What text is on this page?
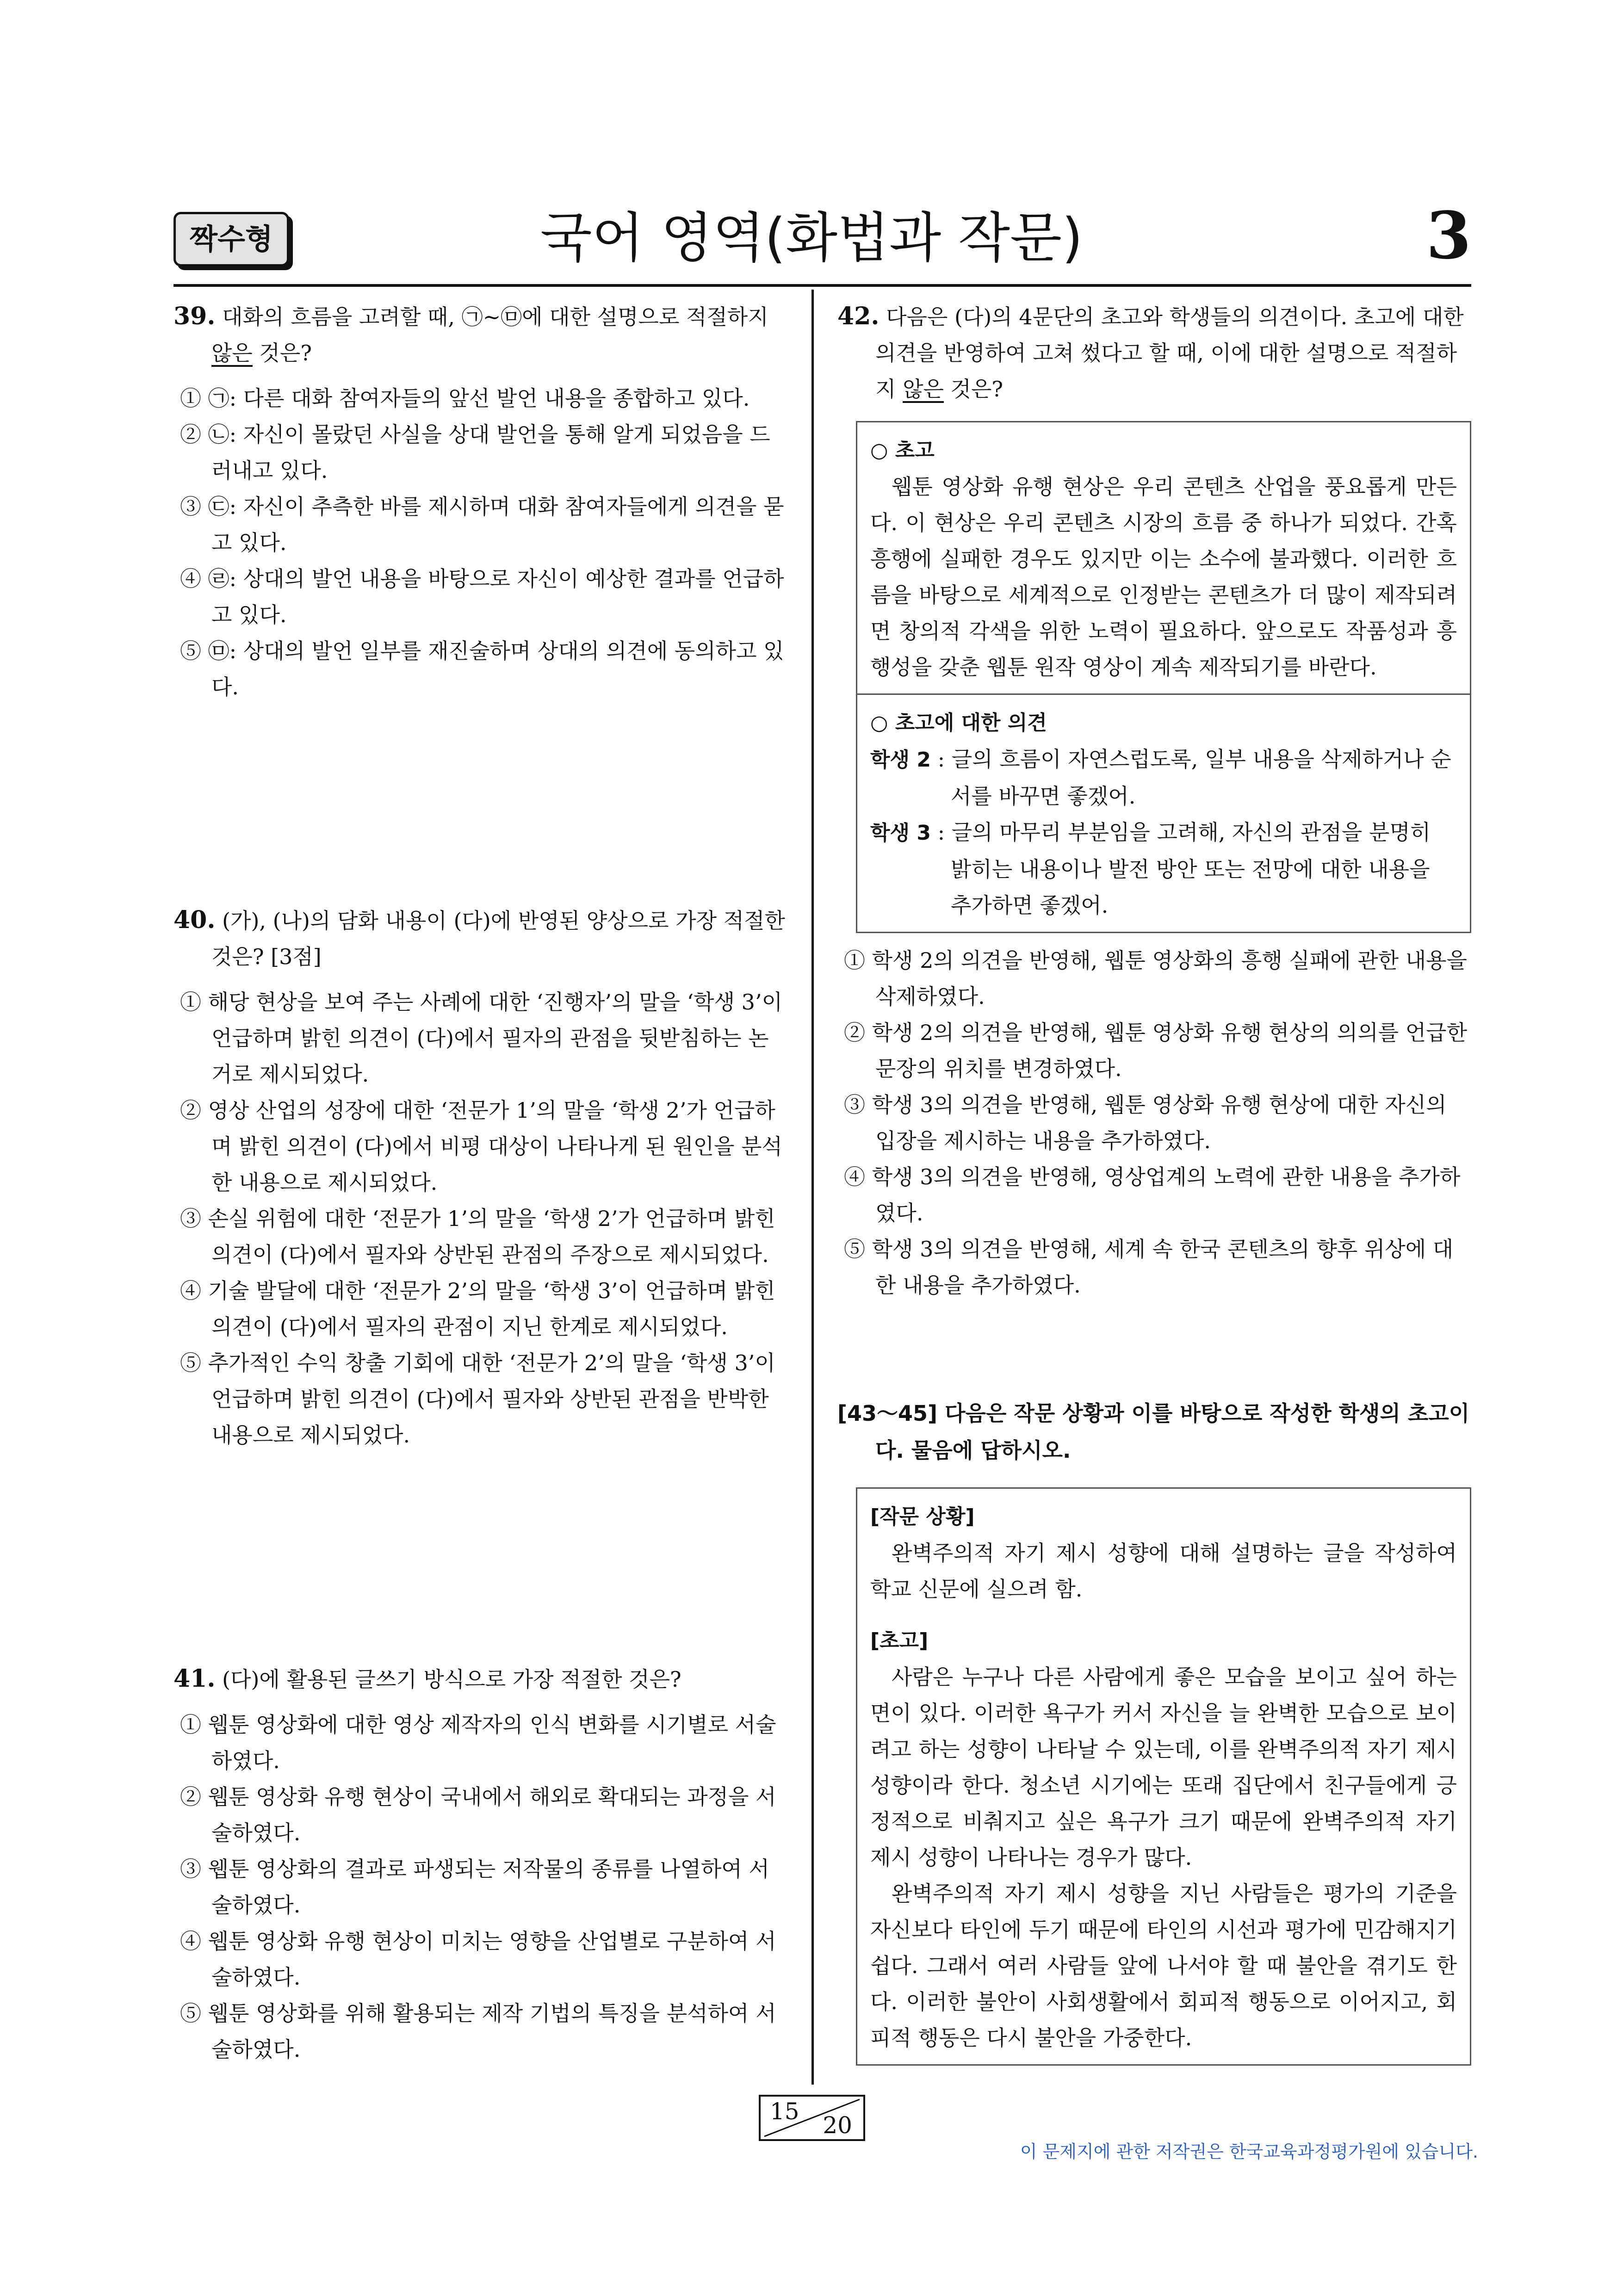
짝수형	국어 영역(화법과 작문)	3
39. 대화의 흐름을 고려할 때, ㉠~㉤에 대한 설명으로 적절하지 않은 것은?
① ㉠: 다른 대화 참여자들의 앞선 발언 내용을 종합하고 있다.
② ㉡: 자신이 몰랐던 사실을 상대 발언을 통해 알게 되었음을 드러내고 있다.
③ ㉢: 자신이 추측한 바를 제시하며 대화 참여자들에게 의견을 묻고 있다.
④ ㉣: 상대의 발언 내용을 바탕으로 자신이 예상한 결과를 언급하고 있다.
⑤ ㉤: 상대의 발언 일부를 재진술하며 상대의 의견에 동의하고 있다.
40. (가), (나)의 담화 내용이 (다)에 반영된 양상으로 가장 적절한 것은? [3점]
① 해당 현상을 보여 주는 사례에 대한 ‘진행자’의 말을 ‘학생 3’이 언급하며 밝힌 의견이 (다)에서 필자의 관점을 뒷받침하는 논거로 제시되었다.
② 영상 산업의 성장에 대한 ‘전문가 1’의 말을 ‘학생 2’가 언급하며 밝힌 의견이 (다)에서 비평 대상이 나타나게 된 원인을 분석한 내용으로 제시되었다.
③ 손실 위험에 대한 ‘전문가 1’의 말을 ‘학생 2’가 언급하며 밝힌 의견이 (다)에서 필자와 상반된 관점의 주장으로 제시되었다.
④ 기술 발달에 대한 ‘전문가 2’의 말을 ‘학생 3’이 언급하며 밝힌 의견이 (다)에서 필자의 관점이 지닌 한계로 제시되었다.
⑤ 추가적인 수익 창출 기회에 대한 ‘전문가 2’의 말을 ‘학생 3’이 언급하며 밝힌 의견이 (다)에서 필자와 상반된 관점을 반박한 내용으로 제시되었다.
41. (다)에 활용된 글쓰기 방식으로 가장 적절한 것은?
① 웹툰 영상화에 대한 영상 제작자의 인식 변화를 시기별로 서술하였다.
② 웹툰 영상화 유행 현상이 국내에서 해외로 확대되는 과정을 서술하였다.
③ 웹툰 영상화의 결과로 파생되는 저작물의 종류를 나열하여 서술하였다.
④ 웹툰 영상화 유행 현상이 미치는 영향을 산업별로 구분하여 서술하였다.
⑤ 웹툰 영상화를 위해 활용되는 제작 기법의 특징을 분석하여 서술하였다.
42. 다음은 (다)의 4문단의 초고와 학생들의 의견이다. 초고에 대한 의견을 반영하여 고쳐 썼다고 할 때, 이에 대한 설명으로 적절하지 않은 것은?
○ 초고
웹툰 영상화 유행 현상은 우리 콘텐츠 산업을 풍요롭게 만든다. 이 현상은 우리 콘텐츠 시장의 흐름 중 하나가 되었다. 간혹 흥행에 실패한 경우도 있지만 이는 소수에 불과했다. 이러한 흐름을 바탕으로 세계적으로 인정받는 콘텐츠가 더 많이 제작되려면 창의적 각색을 위한 노력이 필요하다. 앞으로도 작품성과 흥행성을 갖춘 웹툰 원작 영상이 계속 제작되기를 바란다.
○ 초고에 대한 의견
학생 2 : 글의 흐름이 자연스럽도록, 일부 내용을 삭제하거나 순서를 바꾸면 좋겠어.
학생 3 : 글의 마무리 부분임을 고려해, 자신의 관점을 분명히 밝히는 내용이나 발전 방안 또는 전망에 대한 내용을 추가하면 좋겠어.
① 학생 2의 의견을 반영해, 웹툰 영상화의 흥행 실패에 관한 내용을 삭제하였다.
② 학생 2의 의견을 반영해, 웹툰 영상화 유행 현상의 의의를 언급한 문장의 위치를 변경하였다.
③ 학생 3의 의견을 반영해, 웹툰 영상화 유행 현상에 대한 자신의 입장을 제시하는 내용을 추가하였다.
④ 학생 3의 의견을 반영해, 영상업계의 노력에 관한 내용을 추가하였다.
⑤ 학생 3의 의견을 반영해, 세계 속 한국 콘텐츠의 향후 위상에 대한 내용을 추가하였다.
[43～45] 다음은 작문 상황과 이를 바탕으로 작성한 학생의 초고이다. 물음에 답하시오.
[작문 상황]
완벽주의적 자기 제시 성향에 대해 설명하는 글을 작성하여 학교 신문에 실으려 함.
[초고]
사람은 누구나 다른 사람에게 좋은 모습을 보이고 싶어 하는 면이 있다. 이러한 욕구가 커서 자신을 늘 완벽한 모습으로 보이려고 하는 성향이 나타날 수 있는데, 이를 완벽주의적 자기 제시 성향이라 한다. 청소년 시기에는 또래 집단에서 친구들에게 긍정적으로 비춰지고 싶은 욕구가 크기 때문에 완벽주의적 자기 제시 성향이 나타나는 경우가 많다.
완벽주의적 자기 제시 성향을 지닌 사람들은 평가의 기준을 자신보다 타인에 두기 때문에 타인의 시선과 평가에 민감해지기 쉽다. 그래서 여러 사람들 앞에 나서야 할 때 불안을 겪기도 한다. 이러한 불안이 사회생활에서 회피적 행동으로 이어지고, 회피적 행동은 다시 불안을 가중한다.
15
20
이 문제지에 관한 저작권은 한국교육과정평가원에 있습니다.
